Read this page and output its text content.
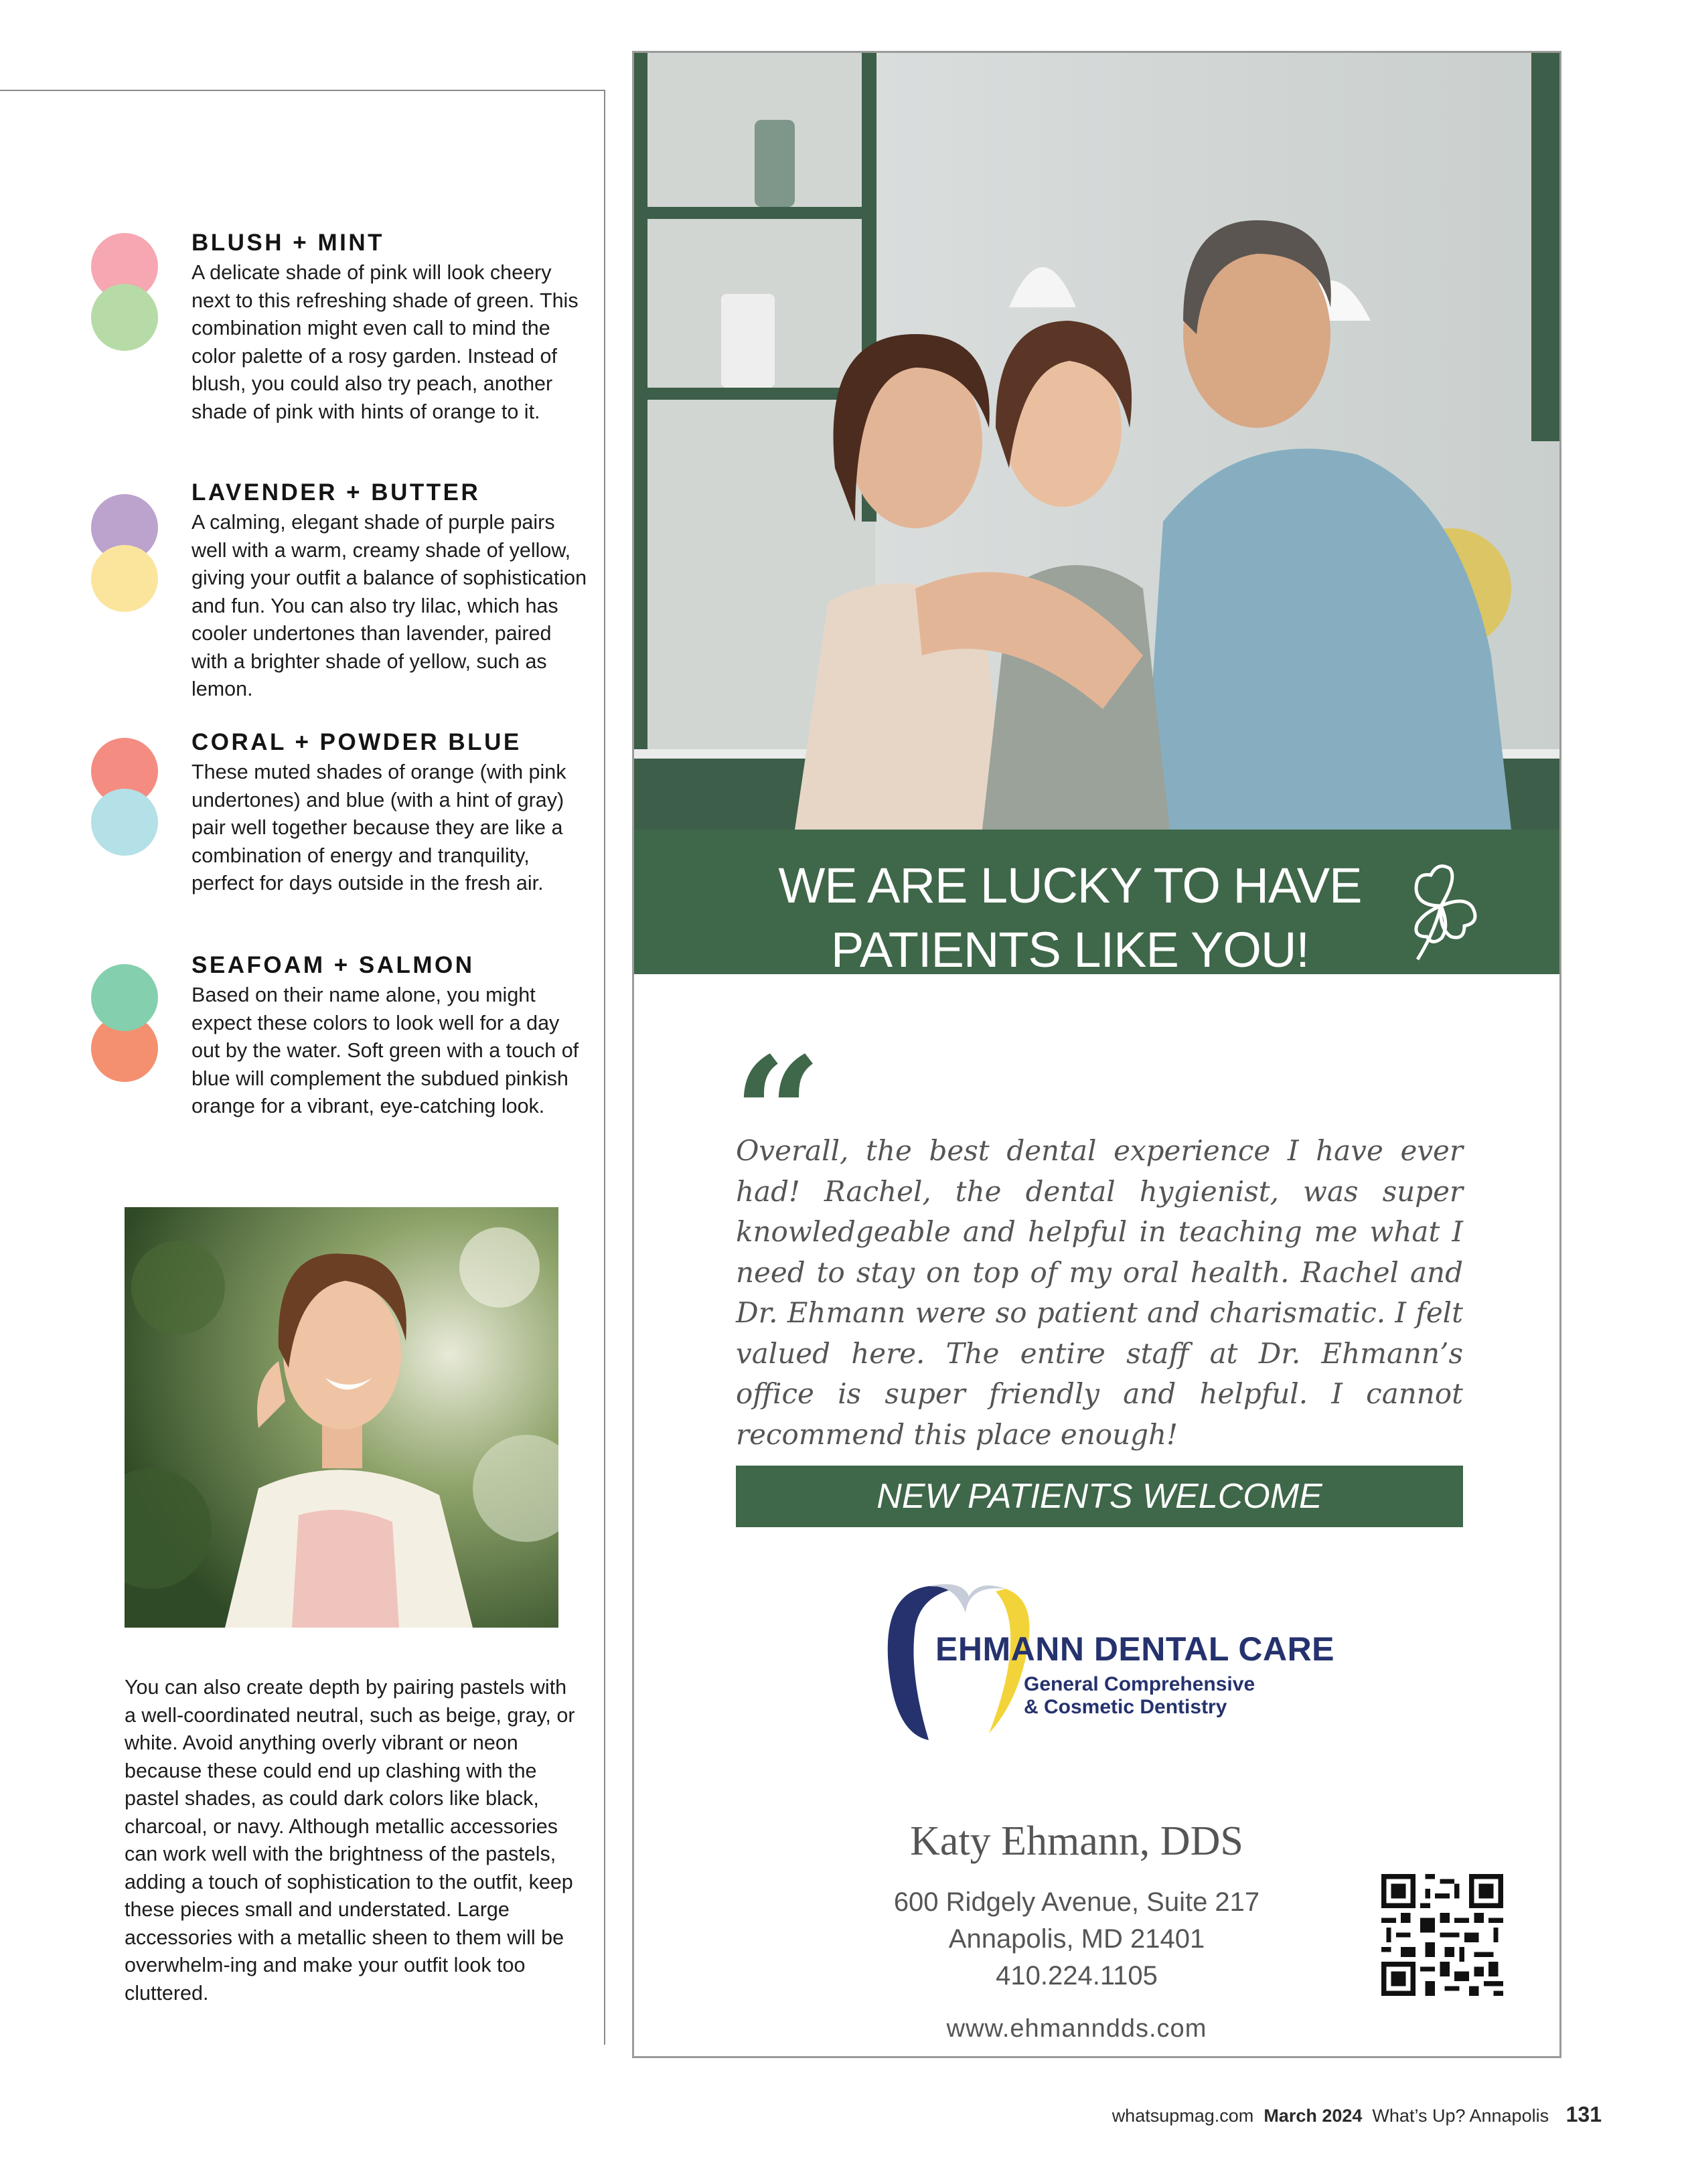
BLUSH + MINT
A delicate shade of pink will look cheery next to this refreshing shade of green. This combination might even call to mind the color palette of a rosy garden. Instead of blush, you could also try peach, another shade of pink with hints of orange to it.
LAVENDER + BUTTER
A calming, elegant shade of purple pairs well with a warm, creamy shade of yellow, giving your outfit a balance of sophistication and fun. You can also try lilac, which has cooler undertones than lavender, paired with a brighter shade of yellow, such as lemon.
CORAL + POWDER BLUE
These muted shades of orange (with pink undertones) and blue (with a hint of gray) pair well together because they are like a combination of energy and tranquility, perfect for days outside in the fresh air.
SEAFOAM + SALMON
Based on their name alone, you might expect these colors to look well for a day out by the water. Soft green with a touch of blue will complement the subdued pinkish orange for a vibrant, eye-catching look.
You can also create depth by pairing pastels with a well-coordinated neutral, such as beige, gray, or white. Avoid anything overly vibrant or neon because these could end up clashing with the pastel shades, as could dark colors like black, charcoal, or navy. Although metallic accessories can work well with the brightness of the pastels, adding a touch of sophistication to the outfit, keep these pieces small and understated. Large accessories with a metallic sheen to them will be overwhelm-ing and make your outfit look too cluttered.
WE ARE LUCKY TO HAVE
PATIENTS LIKE YOU!
“
Overall, the best dental experience I have ever had! Rachel, the dental hygienist, was super knowledgeable and helpful in teaching me what I need to stay on top of my oral health. Rachel and Dr. Ehmann were so patient and charismatic. I felt valued here. The entire staff at Dr. Ehmann’s office is super friendly and helpful. I cannot recommend this place enough!
NEW PATIENTS WELCOME
EHMANN DENTAL CARE
General Comprehensive
& Cosmetic Dentistry
Katy Ehmann, DDS
600 Ridgely Avenue, Suite 217
Annapolis, MD 21401
410.224.1105
www.ehmanndds.com
whatsupmag.com March 2024 What’s Up? Annapolis 131
